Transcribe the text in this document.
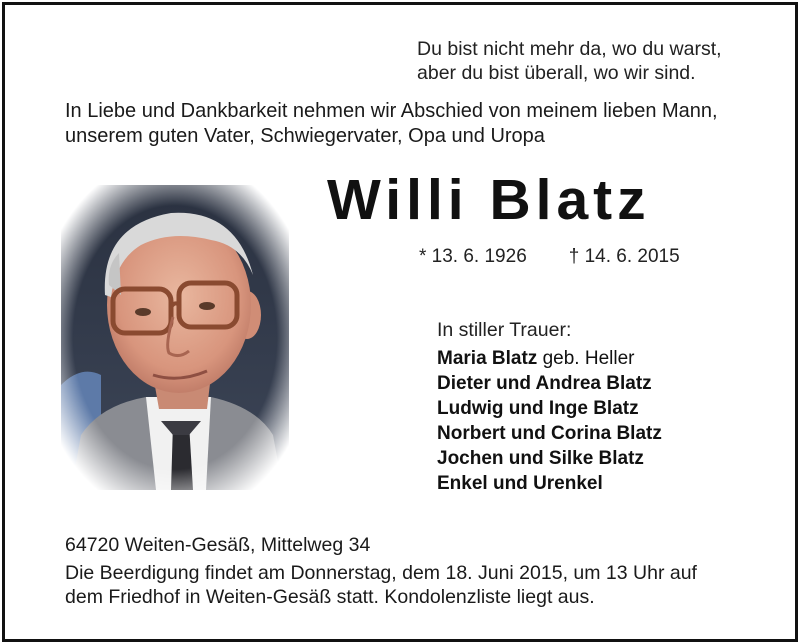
Du bist nicht mehr da, wo du warst,
aber du bist überall, wo wir sind.
In Liebe und Dankbarkeit nehmen wir Abschied von meinem lieben Mann,
unserem guten Vater, Schwiegervater, Opa und Uropa
Willi Blatz
* 13. 6. 1926 † 14. 6. 2015
In stiller Trauer:
Maria Blatz geb. Heller
Dieter und Andrea Blatz
Ludwig und Inge Blatz
Norbert und Corina Blatz
Jochen und Silke Blatz
Enkel und Urenkel
64720 Weiten-Gesäß, Mittelweg 34
Die Beerdigung findet am Donnerstag, dem 18. Juni 2015, um 13 Uhr auf
dem Friedhof in Weiten-Gesäß statt. Kondolenzliste liegt aus.
